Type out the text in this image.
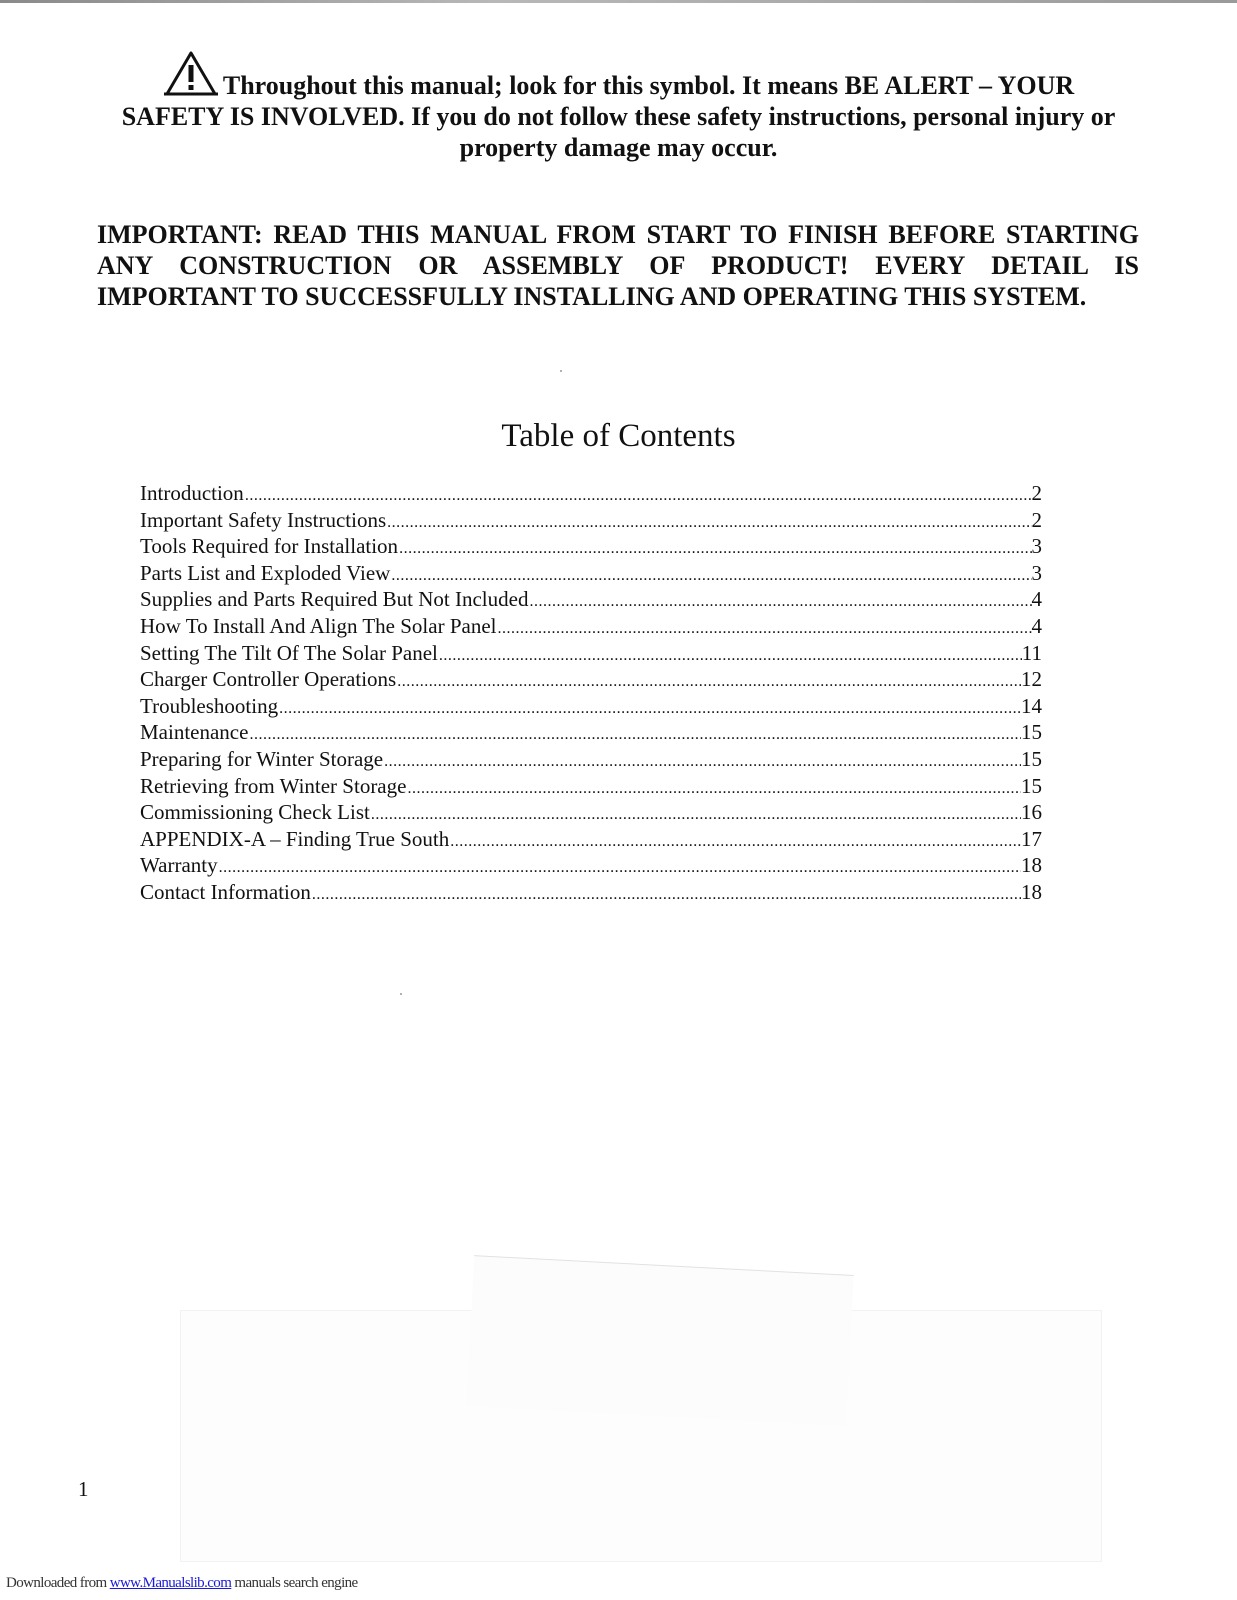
Throughout this manual; look for this symbol. It means BE ALERT – YOUR
SAFETY IS INVOLVED. If you do not follow these safety instructions, personal injury or
property damage may occur.
IMPORTANT: READ THIS MANUAL FROM START TO FINISH BEFORE STARTING ANY CONSTRUCTION OR ASSEMBLY OF PRODUCT! EVERY DETAIL IS IMPORTANT TO SUCCESSFULLY INSTALLING AND OPERATING THIS SYSTEM.
Table of Contents
Introduction .....	2
Important Safety Instructions .....	2
Tools Required for Installation .....	3
Parts List and Exploded View .....	3
Supplies and Parts Required But Not Included .....	4
How To Install And Align The Solar Panel .....	4
Setting The Tilt Of The Solar Panel .....	11
Charger Controller Operations .....	12
Troubleshooting .....	14
Maintenance .....	15
Preparing for Winter Storage .....	15
Retrieving from Winter Storage .....	15
Commissioning Check List .....	16
APPENDIX-A – Finding True South .....	17
Warranty .....	18
Contact Information .....	18
1
Downloaded from www.Manualslib.com manuals search engine
